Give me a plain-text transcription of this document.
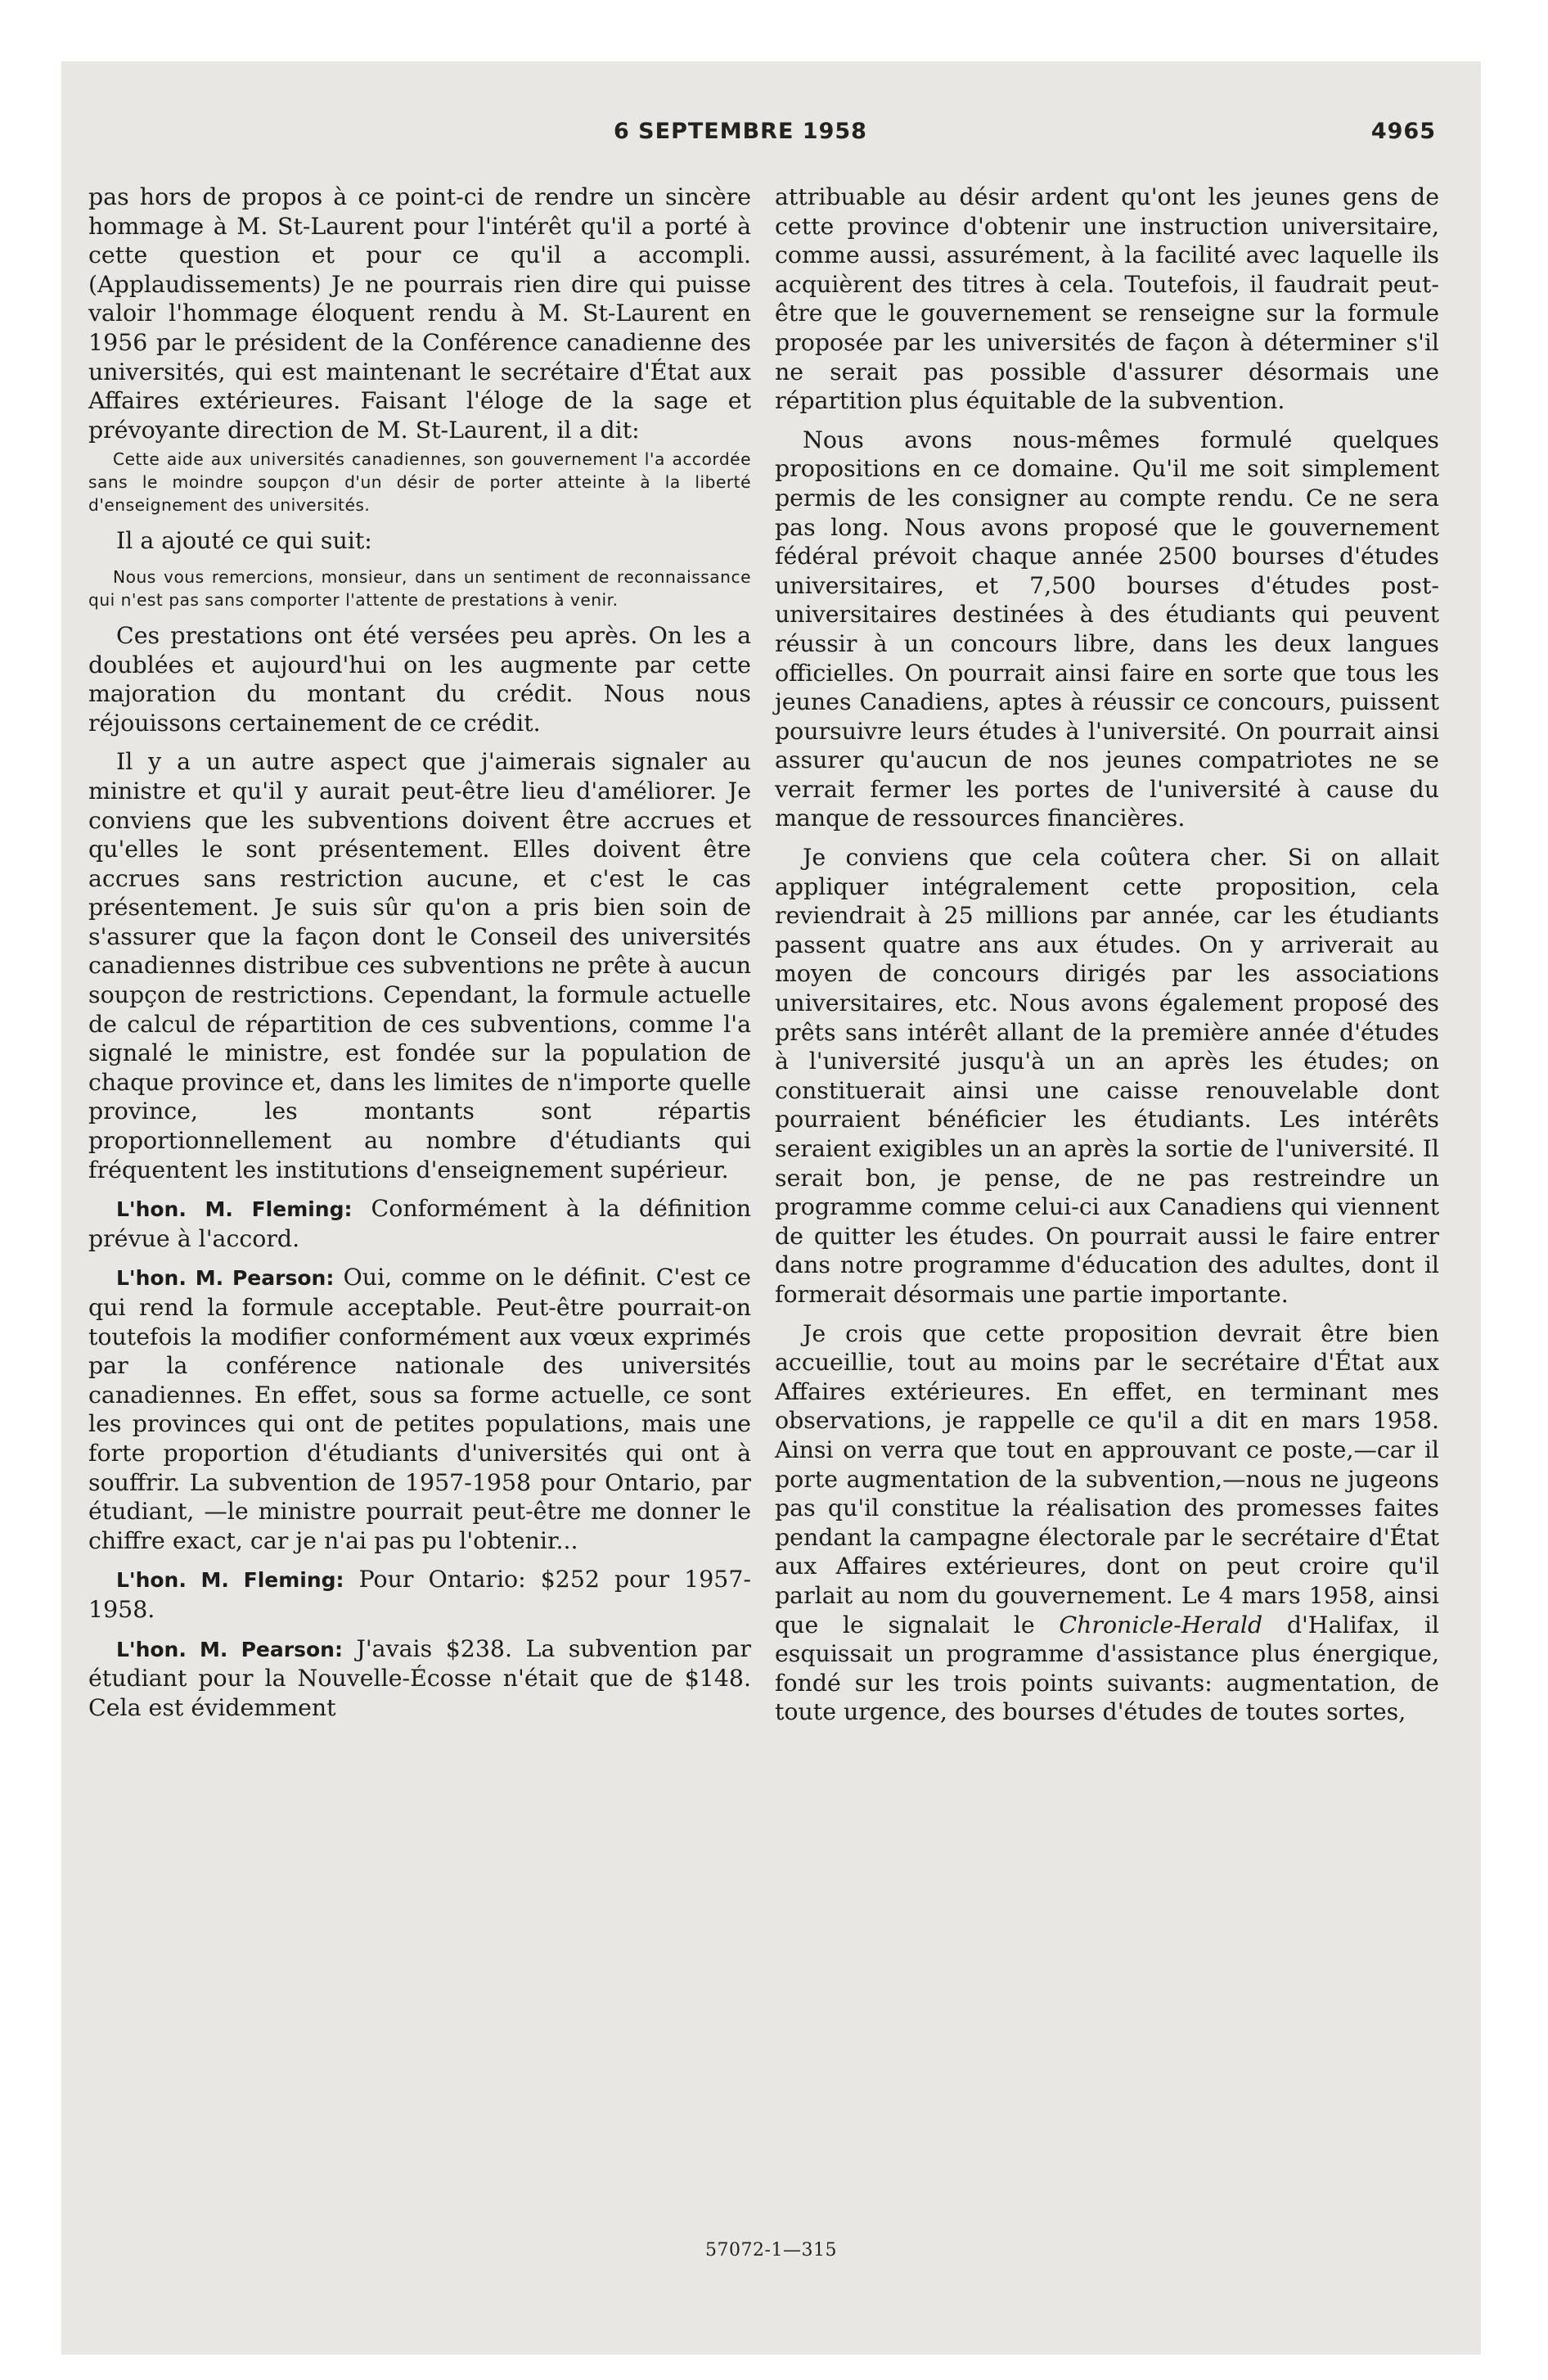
6 SEPTEMBRE 1958	4965

pas hors de propos à ce point-ci de rendre un sincère hommage à M. St-Laurent pour l'intérêt qu'il a porté à cette question et pour ce qu'il a accompli. (Applaudissements) Je ne pourrais rien dire qui puisse valoir l'hommage éloquent rendu à M. St-Laurent en 1956 par le président de la Conférence canadienne des universités, qui est maintenant le secrétaire d'État aux Affaires extérieures. Faisant l'éloge de la sage et prévoyante direction de M. St-Laurent, il a dit:

Cette aide aux universités canadiennes, son gouvernement l'a accordée sans le moindre soupçon d'un désir de porter atteinte à la liberté d'enseignement des universités.

Il a ajouté ce qui suit:

Nous vous remercions, monsieur, dans un sentiment de reconnaissance qui n'est pas sans comporter l'attente de prestations à venir.

Ces prestations ont été versées peu après. On les a doublées et aujourd'hui on les augmente par cette majoration du montant du crédit. Nous nous réjouissons certainement de ce crédit.

Il y a un autre aspect que j'aimerais signaler au ministre et qu'il y aurait peut-être lieu d'améliorer. Je conviens que les subventions doivent être accrues et qu'elles le sont présentement. Elles doivent être accrues sans restriction aucune, et c'est le cas présentement. Je suis sûr qu'on a pris bien soin de s'assurer que la façon dont le Conseil des universités canadiennes distribue ces subventions ne prête à aucun soupçon de restrictions. Cependant, la formule actuelle de calcul de répartition de ces subventions, comme l'a signalé le ministre, est fondée sur la population de chaque province et, dans les limites de n'importe quelle province, les montants sont répartis proportionnellement au nombre d'étudiants qui fréquentent les institutions d'enseignement supérieur.

L'hon. M. Fleming: Conformément à la définition prévue à l'accord.

L'hon. M. Pearson: Oui, comme on le définit. C'est ce qui rend la formule acceptable. Peut-être pourrait-on toutefois la modifier conformément aux vœux exprimés par la conférence nationale des universités canadiennes. En effet, sous sa forme actuelle, ce sont les provinces qui ont de petites populations, mais une forte proportion d'étudiants d'universités qui ont à souffrir. La subvention de 1957-1958 pour Ontario, par étudiant, —le ministre pourrait peut-être me donner le chiffre exact, car je n'ai pas pu l'obtenir...

L'hon. M. Fleming: Pour Ontario: $252 pour 1957-1958.

L'hon. M. Pearson: J'avais $238. La subvention par étudiant pour la Nouvelle-Écosse n'était que de $148. Cela est évidemment

attribuable au désir ardent qu'ont les jeunes gens de cette province d'obtenir une instruction universitaire, comme aussi, assurément, à la facilité avec laquelle ils acquièrent des titres à cela. Toutefois, il faudrait peut-être que le gouvernement se renseigne sur la formule proposée par les universités de façon à déterminer s'il ne serait pas possible d'assurer désormais une répartition plus équitable de la subvention.

Nous avons nous-mêmes formulé quelques propositions en ce domaine. Qu'il me soit simplement permis de les consigner au compte rendu. Ce ne sera pas long. Nous avons proposé que le gouvernement fédéral prévoit chaque année 2500 bourses d'études universitaires, et 7,500 bourses d'études post-universitaires destinées à des étudiants qui peuvent réussir à un concours libre, dans les deux langues officielles. On pourrait ainsi faire en sorte que tous les jeunes Canadiens, aptes à réussir ce concours, puissent poursuivre leurs études à l'université. On pourrait ainsi assurer qu'aucun de nos jeunes compatriotes ne se verrait fermer les portes de l'université à cause du manque de ressources financières.

Je conviens que cela coûtera cher. Si on allait appliquer intégralement cette proposition, cela reviendrait à 25 millions par année, car les étudiants passent quatre ans aux études. On y arriverait au moyen de concours dirigés par les associations universitaires, etc. Nous avons également proposé des prêts sans intérêt allant de la première année d'études à l'université jusqu'à un an après les études; on constituerait ainsi une caisse renouvelable dont pourraient bénéficier les étudiants. Les intérêts seraient exigibles un an après la sortie de l'université. Il serait bon, je pense, de ne pas restreindre un programme comme celui-ci aux Canadiens qui viennent de quitter les études. On pourrait aussi le faire entrer dans notre programme d'éducation des adultes, dont il formerait désormais une partie importante.

Je crois que cette proposition devrait être bien accueillie, tout au moins par le secrétaire d'État aux Affaires extérieures. En effet, en terminant mes observations, je rappelle ce qu'il a dit en mars 1958. Ainsi on verra que tout en approuvant ce poste,—car il porte augmentation de la subvention,—nous ne jugeons pas qu'il constitue la réalisation des promesses faites pendant la campagne électorale par le secrétaire d'État aux Affaires extérieures, dont on peut croire qu'il parlait au nom du gouvernement. Le 4 mars 1958, ainsi que le signalait le Chronicle-Herald d'Halifax, il esquissait un programme d'assistance plus énergique, fondé sur les trois points suivants: augmentation, de toute urgence, des bourses d'études de toutes sortes,

57072-1—315
